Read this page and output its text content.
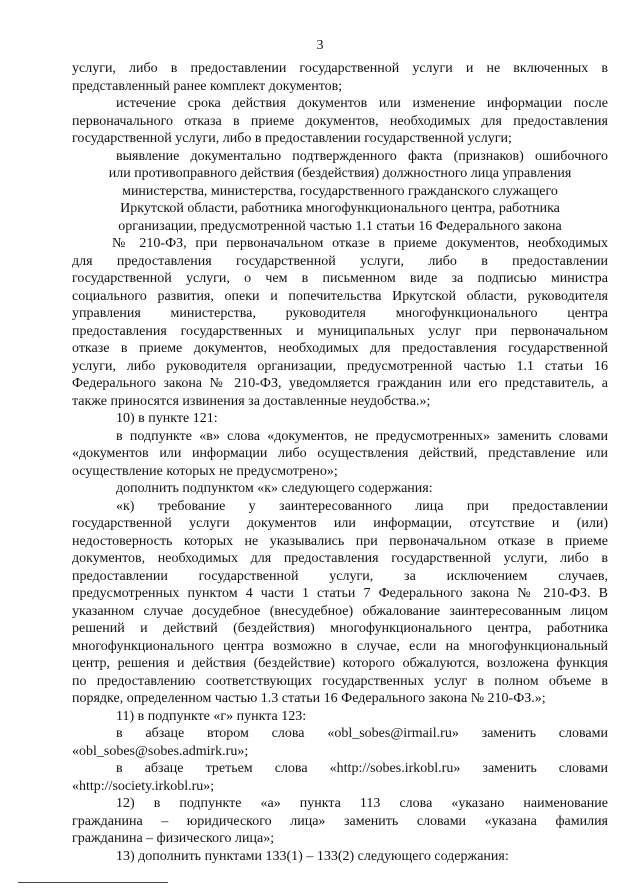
3
услуги, либо в предоставлении государственной услуги и не включенных в
представленный ранее комплект документов;
истечение срока действия документов или изменение информации после
первоначального отказа в приеме документов, необходимых для предоставления
государственной услуги, либо в предоставлении государственной услуги;
выявление документально подтвержденного факта (признаков) ошибочного
или противоправного действия (бездействия) должностного лица управления
министерства, министерства, государственного гражданского служащего
Иркутской области, работника многофункционального центра, работника
организации, предусмотренной частью 1.1 статьи 16 Федерального закона
№ 210-ФЗ, при первоначальном отказе в приеме документов, необходимых
для предоставления государственной услуги, либо в предоставлении
государственной услуги, о чем в письменном виде за подписью министра
социального развития, опеки и попечительства Иркутской области, руководителя
управления министерства, руководителя многофункционального центра
предоставления государственных и муниципальных услуг при первоначальном
отказе в приеме документов, необходимых для предоставления государственной
услуги, либо руководителя организации, предусмотренной частью 1.1 статьи 16
Федерального закона № 210-ФЗ, уведомляется гражданин или его представитель, а
также приносятся извинения за доставленные неудобства.»;
10) в пункте 121:
в подпункте «в» слова «документов, не предусмотренных» заменить словами
«документов или информации либо осуществления действий, представление или
осуществление которых не предусмотрено»;
дополнить подпунктом «к» следующего содержания:
«к) требование у заинтересованного лица при предоставлении
государственной услуги документов или информации, отсутствие и (или)
недостоверность которых не указывались при первоначальном отказе в приеме
документов, необходимых для предоставления государственной услуги, либо в
предоставлении государственной услуги, за исключением случаев,
предусмотренных пунктом 4 части 1 статьи 7 Федерального закона № 210-ФЗ. В
указанном случае досудебное (внесудебное) обжалование заинтересованным лицом
решений и действий (бездействия) многофункционального центра, работника
многофункционального центра возможно в случае, если на многофункциональный
центр, решения и действия (бездействие) которого обжалуются, возложена функция
по предоставлению соответствующих государственных услуг в полном объеме в
порядке, определенном частью 1.3 статьи 16 Федерального закона № 210-ФЗ.»;
11) в подпункте «г» пункта 123:
в абзаце втором слова «obl_sobes@irmail.ru» заменить словами
«obl_sobes@sobes.admirk.ru»;
в абзаце третьем слова «http://sobes.irkobl.ru» заменить словами
«http://society.irkobl.ru»;
12) в подпункте «а» пункта 113 слова «указано наименование
гражданина – юридического лица» заменить словами «указана фамилия
гражданина – физического лица»;
13) дополнить пунктами 133(1) – 133(2) следующего содержания:
